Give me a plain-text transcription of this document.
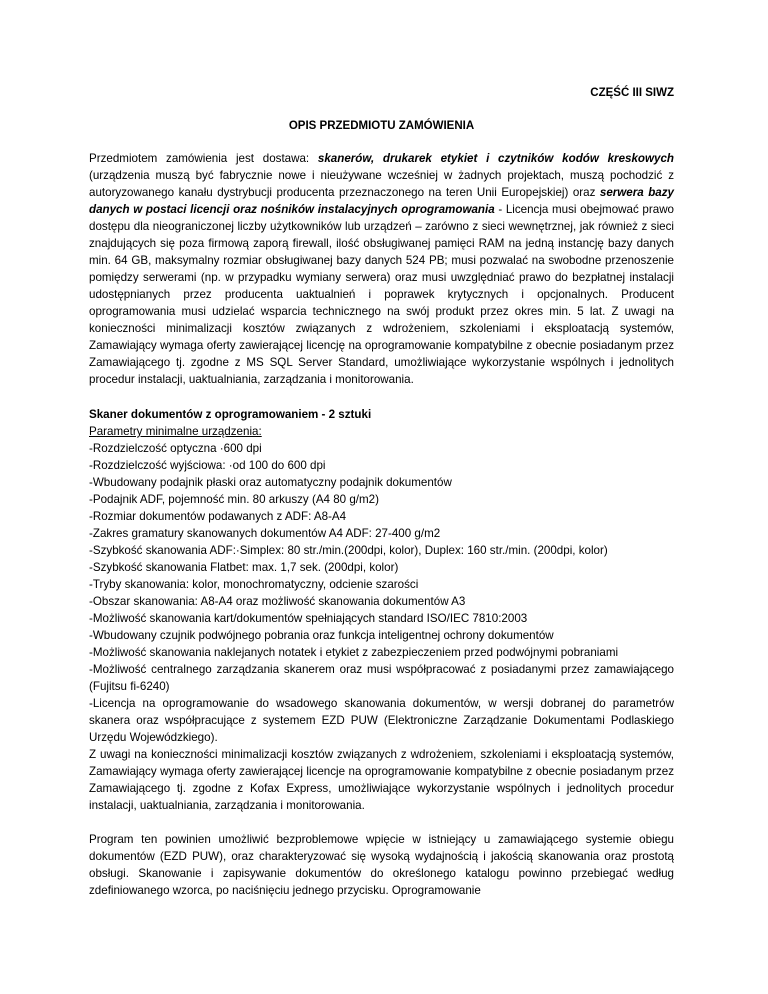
CZĘŚĆ III SIWZ
OPIS PRZEDMIOTU ZAMÓWIENIA

Przedmiotem zamówienia jest dostawa: skanerów, drukarek etykiet i czytników kodów kreskowych (urządzenia muszą być fabrycznie nowe i nieużywane wcześniej w żadnych projektach, muszą pochodzić z autoryzowanego kanału dystrybucji producenta przeznaczonego na teren Unii Europejskiej) oraz serwera bazy danych w postaci licencji oraz nośników instalacyjnych oprogramowania - Licencja musi obejmować prawo dostępu dla nieograniczonej liczby użytkowników lub urządzeń – zarówno z sieci wewnętrznej, jak również z sieci znajdujących się poza firmową zaporą firewall, ilość obsługiwanej pamięci RAM na jedną instancję bazy danych min. 64 GB, maksymalny rozmiar obsługiwanej bazy danych 524 PB; musi pozwalać na swobodne przenoszenie pomiędzy serwerami (np. w przypadku wymiany serwera) oraz musi uwzględniać prawo do bezpłatnej instalacji udostępnianych przez producenta uaktualnień i poprawek krytycznych i opcjonalnych. Producent oprogramowania musi udzielać wsparcia technicznego na swój produkt przez okres min. 5 lat. Z uwagi na konieczności minimalizacji kosztów związanych z wdrożeniem, szkoleniami i eksploatacją systemów, Zamawiający wymaga oferty zawierającej licencję na oprogramowanie kompatybilne z obecnie posiadanym przez Zamawiającego tj. zgodne z MS SQL Server Standard, umożliwiające wykorzystanie wspólnych i jednolitych procedur instalacji, uaktualniania, zarządzania i monitorowania.

Skaner dokumentów z oprogramowaniem - 2 sztuki

Parametry minimalne urządzenia:

-Rozdzielczość optyczna ·600 dpi
-Rozdzielczość wyjściowa: ·od 100 do 600 dpi
-Wbudowany podajnik płaski oraz automatyczny podajnik dokumentów
-Podajnik ADF, pojemność min. 80 arkuszy (A4 80 g/m2)
-Rozmiar dokumentów podawanych z ADF: A8-A4
-Zakres gramatury skanowanych dokumentów A4 ADF: 27-400 g/m2
-Szybkość skanowania ADF:·Simplex: 80 str./min.(200dpi, kolor), Duplex: 160 str./min. (200dpi, kolor)
-Szybkość skanowania Flatbet: max. 1,7 sek. (200dpi, kolor)
-Tryby skanowania: kolor, monochromatyczny, odcienie szarości
-Obszar skanowania: A8-A4 oraz możliwość skanowania dokumentów A3
-Możliwość skanowania kart/dokumentów spełniających standard ISO/IEC 7810:2003
-Wbudowany czujnik podwójnego pobrania oraz funkcja inteligentnej ochrony dokumentów
-Możliwość skanowania naklejanych notatek i etykiet z zabezpieczeniem przed podwójnymi pobraniami
-Możliwość centralnego zarządzania skanerem oraz musi współpracować z posiadanymi przez zamawiającego (Fujitsu fi-6240)
-Licencja na oprogramowanie do wsadowego skanowania dokumentów, w wersji dobranej do parametrów skanera oraz współpracujące z systemem EZD PUW (Elektroniczne Zarządzanie Dokumentami Podlaskiego Urzędu Wojewódzkiego).
Z uwagi na konieczności minimalizacji kosztów związanych z wdrożeniem, szkoleniami i eksploatacją systemów, Zamawiający wymaga oferty zawierającej licencje na oprogramowanie kompatybilne z obecnie posiadanym przez Zamawiającego tj. zgodne z Kofax Express, umożliwiające wykorzystanie wspólnych i jednolitych procedur instalacji, uaktualniania, zarządzania i monitorowania.

Program ten powinien umożliwić bezproblemowe wpięcie w istniejący u zamawiającego systemie obiegu dokumentów (EZD PUW), oraz charakteryzować się wysoką wydajnością i jakością skanowania oraz prostotą obsługi. Skanowanie i zapisywanie dokumentów do określonego katalogu powinno przebiegać według zdefiniowanego wzorca, po naciśnięciu jednego przycisku. Oprogramowanie
